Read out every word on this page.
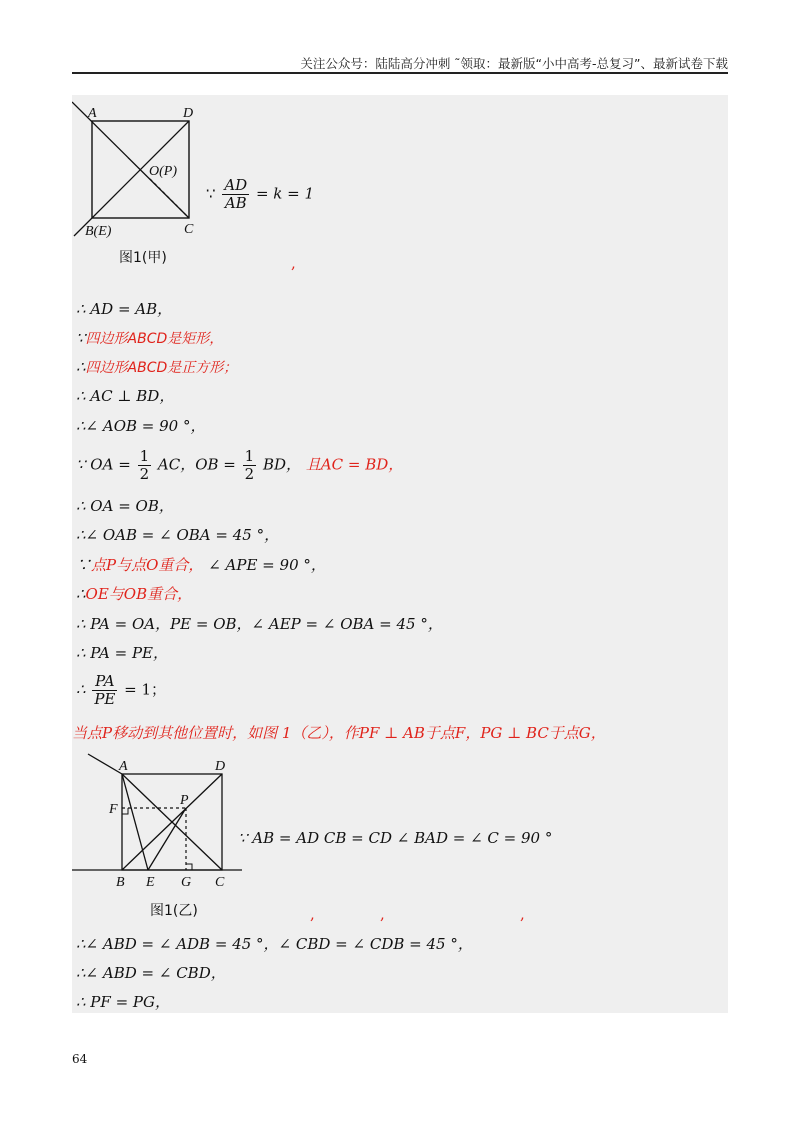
关注公众号：陆陆高分冲刺 ˜领取：最新版“小中高考-总复习”、最新试卷下载
A	D
O(P)
B(E)	C
图1(甲)
∵ $\frac{AD}{AB} = k = 1$
,
∴ AD = AB，
∵四边形ABCD是矩形，
∴四边形ABCD是正方形；
∴ AC ⊥ BD，
∴∠ AOB = 90 °，
∵ OA = $\frac{1}{2}$ AC，OB = $\frac{1}{2}$ BD， 且AC = BD，
∴ OA = OB，
∴∠ OAB = ∠ OBA = 45 °，
∵点P与点O重合， ∠ APE = 90 °，
∴OE与OB重合，
∴ PA = OA，PE = OB，∠ AEP = ∠ OBA = 45 °，
∴ PA = PE，
∴ $\frac{PA}{PE} = 1$；
当点P移动到其他位置时，如图 1（乙），作PF ⊥ AB于点F，PG ⊥ BC于点G，
A	D
F
P
B E G C
图1(乙)
∵ AB = AD CB = CD ∠ BAD = ∠ C = 90 °
,	,	,
∴∠ ABD = ∠ ADB = 45 °，∠ CBD = ∠ CDB = 45 °，
∴∠ ABD = ∠ CBD，
∴ PF = PG，
64
